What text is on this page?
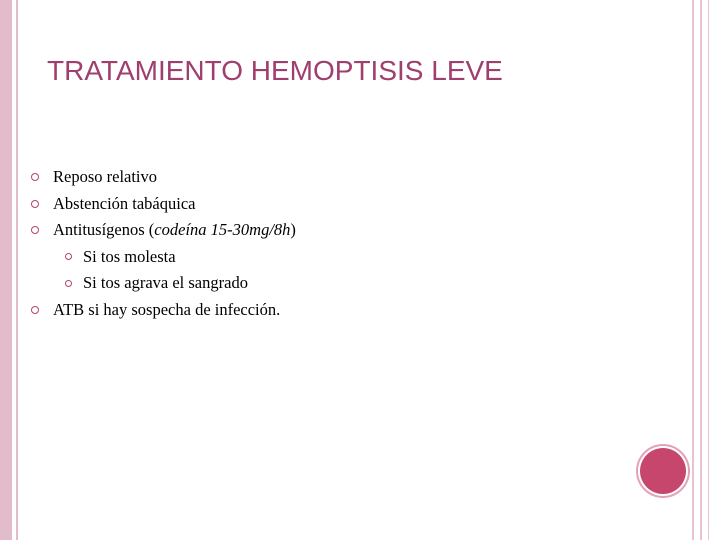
TRATAMIENTO HEMOPTISIS LEVE
Reposo relativo
Abstención tabáquica
Antitusígenos (codeína 15-30mg/8h)
Si tos molesta
Si tos agrava el sangrado
ATB si hay sospecha de infección.
